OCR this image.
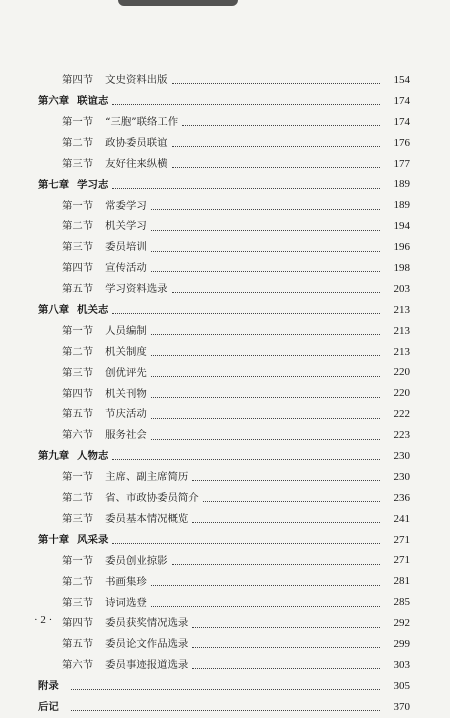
第四节 文史资料出版	154
第六章 联谊志	174
第一节 “三胞”联络工作	174
第二节 政协委员联谊	176
第三节 友好往来纵横	177
第七章 学习志	189
第一节 常委学习	189
第二节 机关学习	194
第三节 委员培训	196
第四节 宣传活动	198
第五节 学习资料选录	203
第八章 机关志	213
第一节 人员编制	213
第二节 机关制度	213
第三节 创优评先	220
第四节 机关刊物	220
第五节 节庆活动	222
第六节 服务社会	223
第九章 人物志	230
第一节 主席、副主席简历	230
第二节 省、市政协委员简介	236
第三节 委员基本情况概览	241
第十章 风采录	271
第一节 委员创业掠影	271
第二节 书画集珍	281
第三节 诗词选登	285
第四节 委员获奖情况选录	292
第五节 委员论文作品选录	299
第六节 委员事迹报道选录	303
附录	305
后记	370
· 2 ·
